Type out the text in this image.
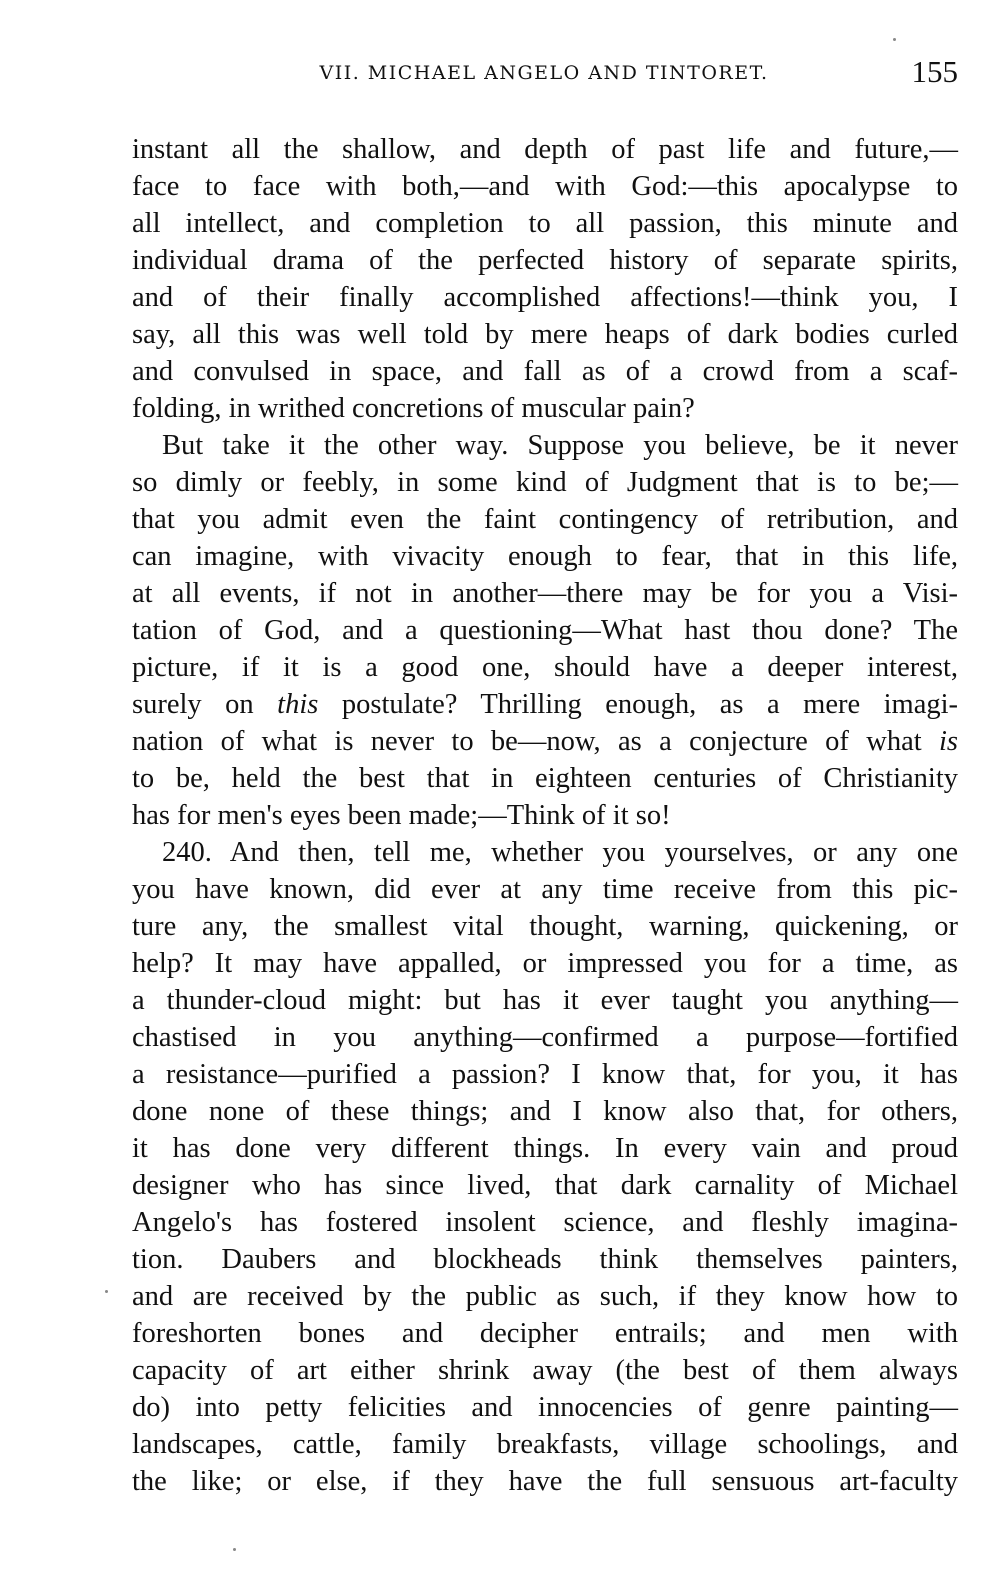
VII. MICHAEL ANGELO AND TINTORET.	155
instant all the shallow, and depth of past life and future,—
face to face with both,—and with God:—this apocalypse to
all intellect, and completion to all passion, this minute and
individual drama of the perfected history of separate spirits,
and of their finally accomplished affections!—think you, I
say, all this was well told by mere heaps of dark bodies curled
and convulsed in space, and fall as of a crowd from a scaf-
folding, in writhed concretions of muscular pain?
But take it the other way. Suppose you believe, be it never
so dimly or feebly, in some kind of Judgment that is to be;—
that you admit even the faint contingency of retribution, and
can imagine, with vivacity enough to fear, that in this life,
at all events, if not in another—there may be for you a Visi-
tation of God, and a questioning—What hast thou done? The
picture, if it is a good one, should have a deeper interest,
surely on this postulate? Thrilling enough, as a mere imagi-
nation of what is never to be—now, as a conjecture of what is
to be, held the best that in eighteen centuries of Christianity
has for men's eyes been made;—Think of it so!
240. And then, tell me, whether you yourselves, or any one
you have known, did ever at any time receive from this pic-
ture any, the smallest vital thought, warning, quickening, or
help? It may have appalled, or impressed you for a time, as
a thunder-cloud might: but has it ever taught you anything—
chastised in you anything—confirmed a purpose—fortified
a resistance—purified a passion? I know that, for you, it has
done none of these things; and I know also that, for others,
it has done very different things. In every vain and proud
designer who has since lived, that dark carnality of Michael
Angelo's has fostered insolent science, and fleshly imagina-
tion. Daubers and blockheads think themselves painters,
and are received by the public as such, if they know how to
foreshorten bones and decipher entrails; and men with
capacity of art either shrink away (the best of them always
do) into petty felicities and innocencies of genre painting—
landscapes, cattle, family breakfasts, village schoolings, and
the like; or else, if they have the full sensuous art-faculty
